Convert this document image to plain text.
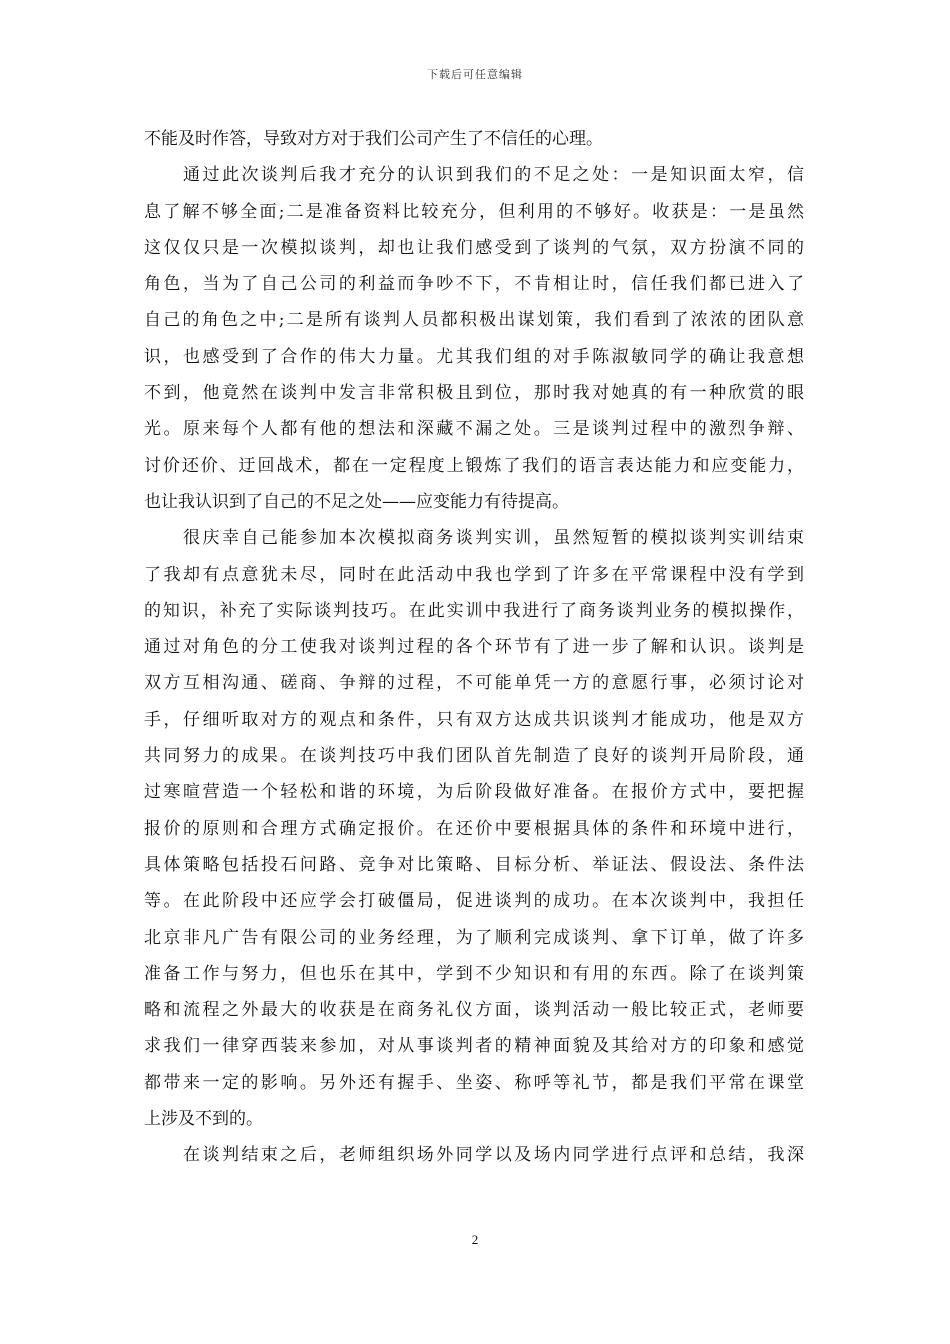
下载后可任意编辑
不能及时作答，导致对方对于我们公司产生了不信任的心理。
通过此次谈判后我才充分的认识到我们的不足之处：一是知识面太窄，信
息了解不够全面;二是准备资料比较充分，但利用的不够好。收获是：一是虽然
这仅仅只是一次模拟谈判，却也让我们感受到了谈判的气氛，双方扮演不同的
角色，当为了自己公司的利益而争吵不下，不肯相让时，信任我们都已进入了
自己的角色之中;二是所有谈判人员都积极出谋划策，我们看到了浓浓的团队意
识，也感受到了合作的伟大力量。尤其我们组的对手陈淑敏同学的确让我意想
不到，他竟然在谈判中发言非常积极且到位，那时我对她真的有一种欣赏的眼
光。原来每个人都有他的想法和深藏不漏之处。三是谈判过程中的激烈争辩、
讨价还价、迂回战术，都在一定程度上锻炼了我们的语言表达能力和应变能力，
也让我认识到了自己的不足之处——应变能力有待提高。
很庆幸自己能参加本次模拟商务谈判实训，虽然短暂的模拟谈判实训结束
了我却有点意犹未尽，同时在此活动中我也学到了许多在平常课程中没有学到
的知识，补充了实际谈判技巧。在此实训中我进行了商务谈判业务的模拟操作，
通过对角色的分工使我对谈判过程的各个环节有了进一步了解和认识。谈判是
双方互相沟通、磋商、争辩的过程，不可能单凭一方的意愿行事，必须讨论对
手，仔细听取对方的观点和条件，只有双方达成共识谈判才能成功，他是双方
共同努力的成果。在谈判技巧中我们团队首先制造了良好的谈判开局阶段，通
过寒暄营造一个轻松和谐的环境，为后阶段做好准备。在报价方式中，要把握
报价的原则和合理方式确定报价。在还价中要根据具体的条件和环境中进行，
具体策略包括投石问路、竞争对比策略、目标分析、举证法、假设法、条件法
等。在此阶段中还应学会打破僵局，促进谈判的成功。在本次谈判中，我担任
北京非凡广告有限公司的业务经理，为了顺利完成谈判、拿下订单，做了许多
准备工作与努力，但也乐在其中，学到不少知识和有用的东西。除了在谈判策
略和流程之外最大的收获是在商务礼仪方面，谈判活动一般比较正式，老师要
求我们一律穿西装来参加，对从事谈判者的精神面貌及其给对方的印象和感觉
都带来一定的影响。另外还有握手、坐姿、称呼等礼节，都是我们平常在课堂
上涉及不到的。
在谈判结束之后，老师组织场外同学以及场内同学进行点评和总结，我深
2
